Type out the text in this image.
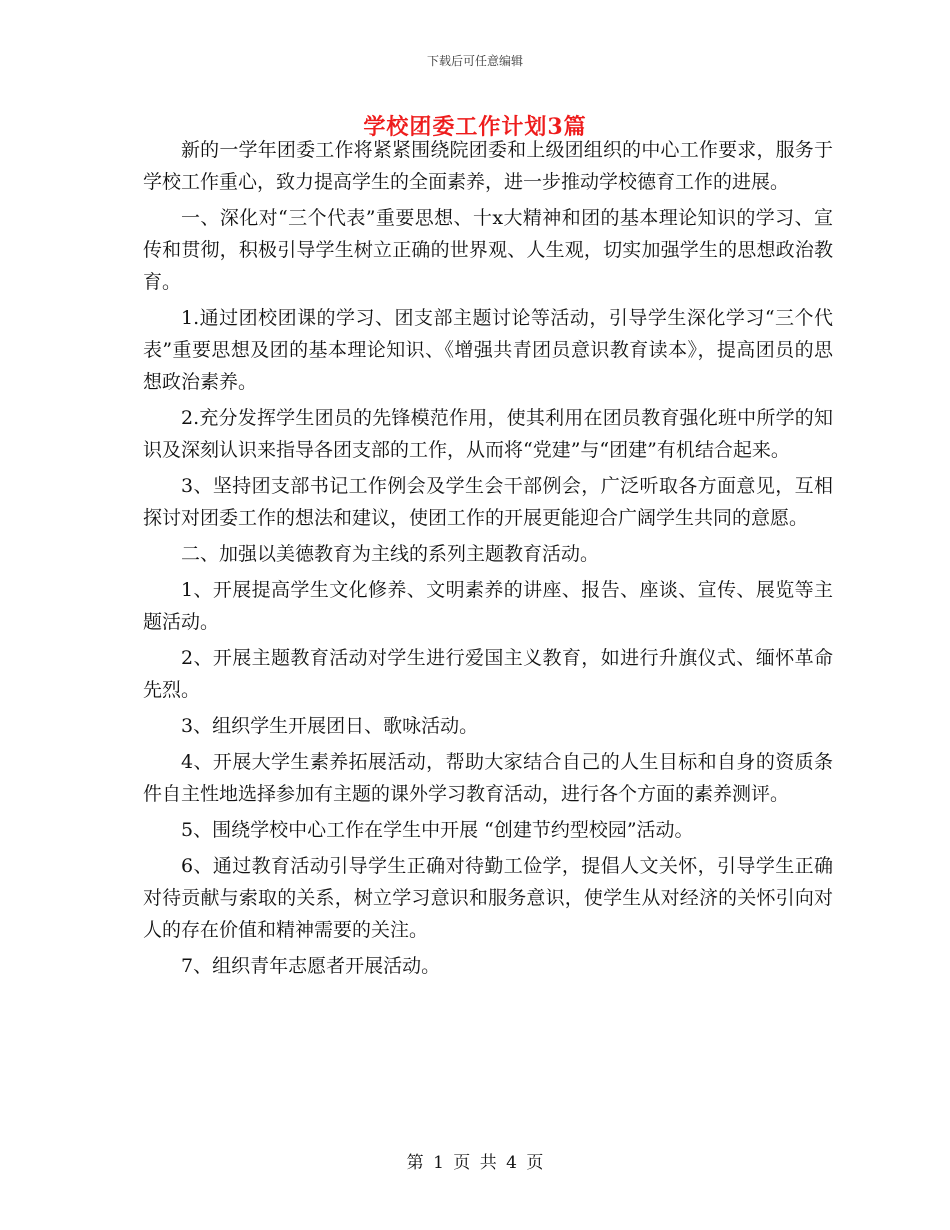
下载后可任意编辑
学校团委工作计划3篇

新的一学年团委工作将紧紧围绕院团委和上级团组织的中心工作要求，服务于学校工作重心，致力提高学生的全面素养，进一步推动学校德育工作的进展。

一、深化对“三个代表”重要思想、十x大精神和团的基本理论知识的学习、宣传和贯彻，积极引导学生树立正确的世界观、人生观，切实加强学生的思想政治教育。

1.通过团校团课的学习、团支部主题讨论等活动，引导学生深化学习“三个代表”重要思想及团的基本理论知识、《增强共青团员意识教育读本》，提高团员的思想政治素养。

2.充分发挥学生团员的先锋模范作用，使其利用在团员教育强化班中所学的知识及深刻认识来指导各团支部的工作，从而将“党建”与“团建”有机结合起来。

3、坚持团支部书记工作例会及学生会干部例会，广泛听取各方面意见，互相探讨对团委工作的想法和建议，使团工作的开展更能迎合广阔学生共同的意愿。

二、加强以美德教育为主线的系列主题教育活动。

1、开展提高学生文化修养、文明素养的讲座、报告、座谈、宣传、展览等主题活动。

2、开展主题教育活动对学生进行爱国主义教育，如进行升旗仪式、缅怀革命先烈。

3、组织学生开展团日、歌咏活动。

4、开展大学生素养拓展活动，帮助大家结合自己的人生目标和自身的资质条件自主性地选择参加有主题的课外学习教育活动，进行各个方面的素养测评。

5、围绕学校中心工作在学生中开展 “创建节约型校园”活动。

6、通过教育活动引导学生正确对待勤工俭学，提倡人文关怀，引导学生正确对待贡献与索取的关系，树立学习意识和服务意识，使学生从对经济的关怀引向对人的存在价值和精神需要的关注。

7、组织青年志愿者开展活动。

第 1 页 共 4 页
